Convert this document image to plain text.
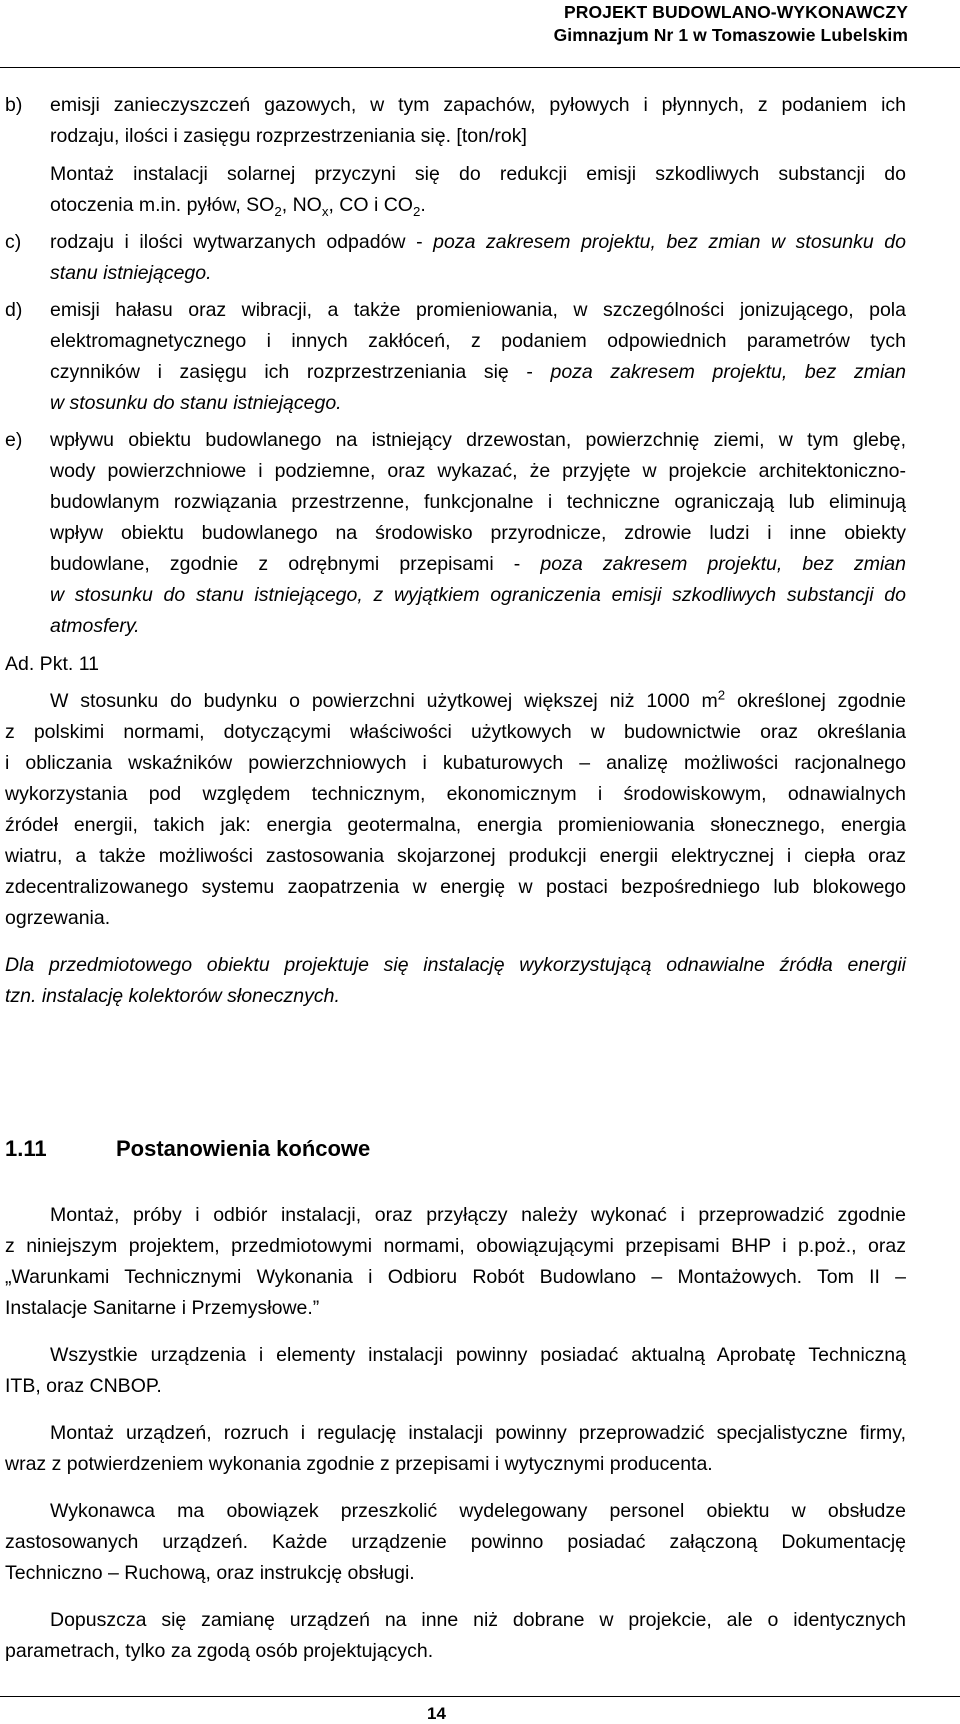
PROJEKT BUDOWLANO-WYKONAWCZY
Gimnazjum Nr 1 w Tomaszowie Lubelskim
b) emisji zanieczyszczeń gazowych, w tym zapachów, pyłowych i płynnych, z podaniem ich
rodzaju, ilości i zasięgu rozprzestrzeniania się. [ton/rok]
Montaż instalacji solarnej przyczyni się do redukcji emisji szkodliwych substancji do
otoczenia m.in. pyłów, $SO_2$, $NO_x$, CO i $CO_2$.
c) rodzaju i ilości wytwarzanych odpadów - poza zakresem projektu, bez zmian w stosunku do
stanu istniejącego.
d) emisji hałasu oraz wibracji, a także promieniowania, w szczególności jonizującego, pola
elektromagnetycznego i innych zakłóceń, z podaniem odpowiednich parametrów tych
czynników i zasięgu ich rozprzestrzeniania się - poza zakresem projektu, bez zmian
w stosunku do stanu istniejącego.
e) wpływu obiektu budowlanego na istniejący drzewostan, powierzchnię ziemi, w tym glebę,
wody powierzchniowe i podziemne, oraz wykazać, że przyjęte w projekcie architektoniczno-
budowlanym rozwiązania przestrzenne, funkcjonalne i techniczne ograniczają lub eliminują
wpływ obiektu budowlanego na środowisko przyrodnicze, zdrowie ludzi i inne obiekty
budowlane, zgodnie z odrębnymi przepisami - poza zakresem projektu, bez zmian
w stosunku do stanu istniejącego, z wyjątkiem ograniczenia emisji szkodliwych substancji do
atmosfery.
Ad. Pkt. 11
W stosunku do budynku o powierzchni użytkowej większej niż 1000 $m^2$ określonej zgodnie
z polskimi normami, dotyczącymi właściwości użytkowych w budownictwie oraz określania
i obliczania wskaźników powierzchniowych i kubaturowych – analizę możliwości racjonalnego
wykorzystania pod względem technicznym, ekonomicznym i środowiskowym, odnawialnych
źródeł energii, takich jak: energia geotermalna, energia promieniowania słonecznego, energia
wiatru, a także możliwości zastosowania skojarzonej produkcji energii elektrycznej i ciepła oraz
zdecentralizowanego systemu zaopatrzenia w energię w postaci bezpośredniego lub blokowego
ogrzewania.
Dla przedmiotowego obiektu projektuje się instalację wykorzystującą odnawialne źródła energii
tzn. instalację kolektorów słonecznych.
1.11	Postanowienia końcowe
Montaż, próby i odbiór instalacji, oraz przyłączy należy wykonać i przeprowadzić zgodnie
z niniejszym projektem, przedmiotowymi normami, obowiązującymi przepisami BHP i p.poż., oraz
„Warunkami Technicznymi Wykonania i Odbioru Robót Budowlano – Montażowych. Tom II –
Instalacje Sanitarne i Przemysłowe.”
Wszystkie urządzenia i elementy instalacji powinny posiadać aktualną Aprobatę Techniczną
ITB, oraz CNBOP.
Montaż urządzeń, rozruch i regulację instalacji powinny przeprowadzić specjalistyczne firmy,
wraz z potwierdzeniem wykonania zgodnie z przepisami i wytycznymi producenta.
Wykonawca ma obowiązek przeszkolić wydelegowany personel obiektu w obsłudze
zastosowanych urządzeń. Każde urządzenie powinno posiadać załączoną Dokumentację
Techniczno – Ruchową, oraz instrukcję obsługi.
Dopuszcza się zamianę urządzeń na inne niż dobrane w projekcie, ale o identycznych
parametrach, tylko za zgodą osób projektujących.
14
